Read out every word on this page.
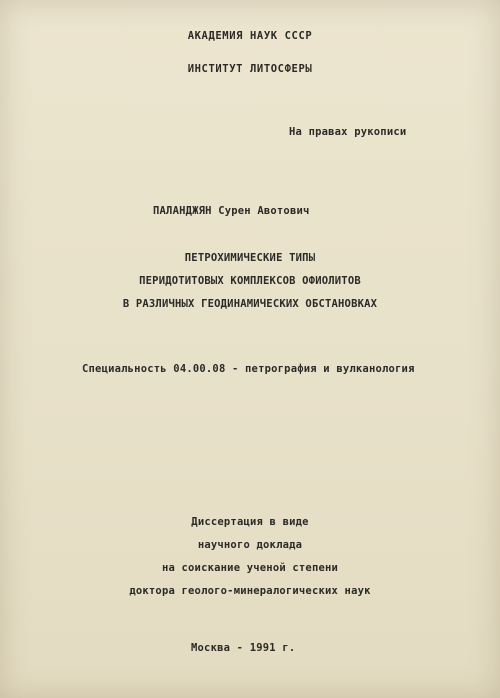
АКАДЕМИЯ НАУК СССР
ИНСТИТУТ ЛИТОСФЕРЫ
На правах рукописи
ПАЛАНДЖЯН Сурен Авотович
ПЕТРОХИМИЧЕСКИЕ ТИПЫ
ПЕРИДОТИТОВЫХ КОМПЛЕКСОВ ОФИОЛИТОВ
В РАЗЛИЧНЫХ ГЕОДИНАМИЧЕСКИХ ОБСТАНОВКАХ
Специальность 04.00.08 - петрография и вулканология
Диссертация в виде
научного доклада
на соискание ученой степени
доктора геолого-минералогических наук
Москва - 1991 г.
